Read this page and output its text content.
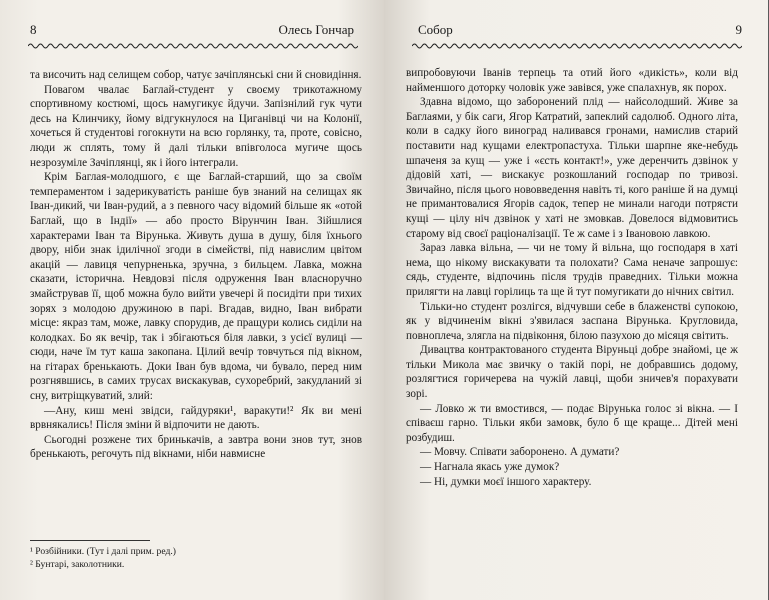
8	Олесь Гончар

та височить над селищем собор, чатує зачіплянські сни й сновидіння.

Повагом чвалає Баглай-студент у своєму трикотажному спортивному костюмі, щось намугикує йдучи. Запізнілий гук чути десь на Клинчику, йому відгукнулося на Циганівці чи на Колонії, хочеться й студентові гогокнути на всю горлянку, та, проте, совісно, люди ж сплять, тому й далі тільки впівголоса мугиче щось незрозуміле Зачіплянці, як і його інтеграли.

Крім Баглая-молодшого, є ще Баглай-старший, що за своїм темпераментом і задерикуватість раніше був знаний на селищах як Іван-дикий, чи Іван-рудий, а з певного часу відомий більше як «отой Баглай, що в Індії» — або просто Вірунчин Іван. Зійшлися характерами Іван та Вірунька. Живуть душа в душу, біля їхнього двору, ніби знак ідилічної згоди в сімействі, під навислим цвітом акацій — лавиця чепурненька, зручна, з бильцем. Лавка, можна сказати, історична. Невдовзі після одруження Іван власноручно змайстрував її, щоб можна було вийти увечері й посидіти при тихих зорях з молодою дружиною в парі. Вгадав, видно, Іван вибрати місце: якраз там, може, лавку спорудив, де пращури колись сиділи на колодках. Бо як вечір, так і збігаються біля лавки, з усієї вулиці — сюди, наче їм тут каша закопана. Цілий вечір товчуться під вікном, на гітарах бренькають. Доки Іван був вдома, чи бувало, перед ним розгнявшись, в самих трусах вискакував, сухоребрий, закудланий зі сну, витріщкуватий, злий:

—Ану, киш мені звідси, гайдуряки¹, варакути!² Як ви мені врвнякались! Після зміни й відпочити не дають.

Сьогодні розжене тих бринькачів, а завтра вони знов тут, знов бренькають, регочуть під вікнами, ніби навмисне

¹ Розбійники. (Тут і далі прим. ред.)
² Бунтарі, заколотники.
Собор	9

випробовуючи Іванів терпець та отий його «дикість», коли від найменшого доторку чоловік уже завівся, уже спалахнув, як порох.

Здавна відомо, що заборонений плід — найсолодший. Живе за Баглаями, у бік саги, Ягор Катратий, запеклий садолюб. Одного літа, коли в садку його виноград наливався гронами, намислив старий поставити над кущами електропастуха. Тільки шарпне яке-небудь шпаченя за кущ — уже і «єсть контакт!», уже деренчить дзвінок у дідовій хаті, — вискакує розкошланий господар по тривозі. Звичайно, після цього нововведення навіть ті, кого раніше й на думці не примантовалися Ягорів садок, тепер не минали нагоди потрясти кущі — цілу ніч дзвінок у хаті не змовкав. Довелося відмовитись старому від своєї раціоналізації. Те ж саме і з Івановою лавкою.

Зараз лавка вільна, — чи не тому й вільна, що господаря в хаті нема, що нікому вискакувати та полохати? Сама неначе запрошує: сядь, студенте, відпочинь після трудів праведних. Тільки можна прилягти на лавці горілиць та ще й тут помугикати до нічних світил.

Тільки-но студент розлігся, відчувши себе в блаженстві супокою, як у відчиненім вікні з'явилася заспана Вірунька. Кругловида, повноплеча, злягла на підвіконня, білою пазухою до місяця світить.

Дивацтва контрактованого студента Віруньці добре знайомі, це ж тільки Микола має звичку о такій порі, не добравшись додому, розлягтися горичерева на чужій лавці, щоби зничев'я порахувати зорі.

— Ловко ж ти вмостився, — подає Вірунька голос зі вікна. — І співаєш гарно. Тільки якби замовк, було б ще краще... Дітей мені розбудиш.

— Мовчу. Співати заборонено. А думати?

— Нагнала якась уже думок?

— Ні, думки моєї іншого характеру.
